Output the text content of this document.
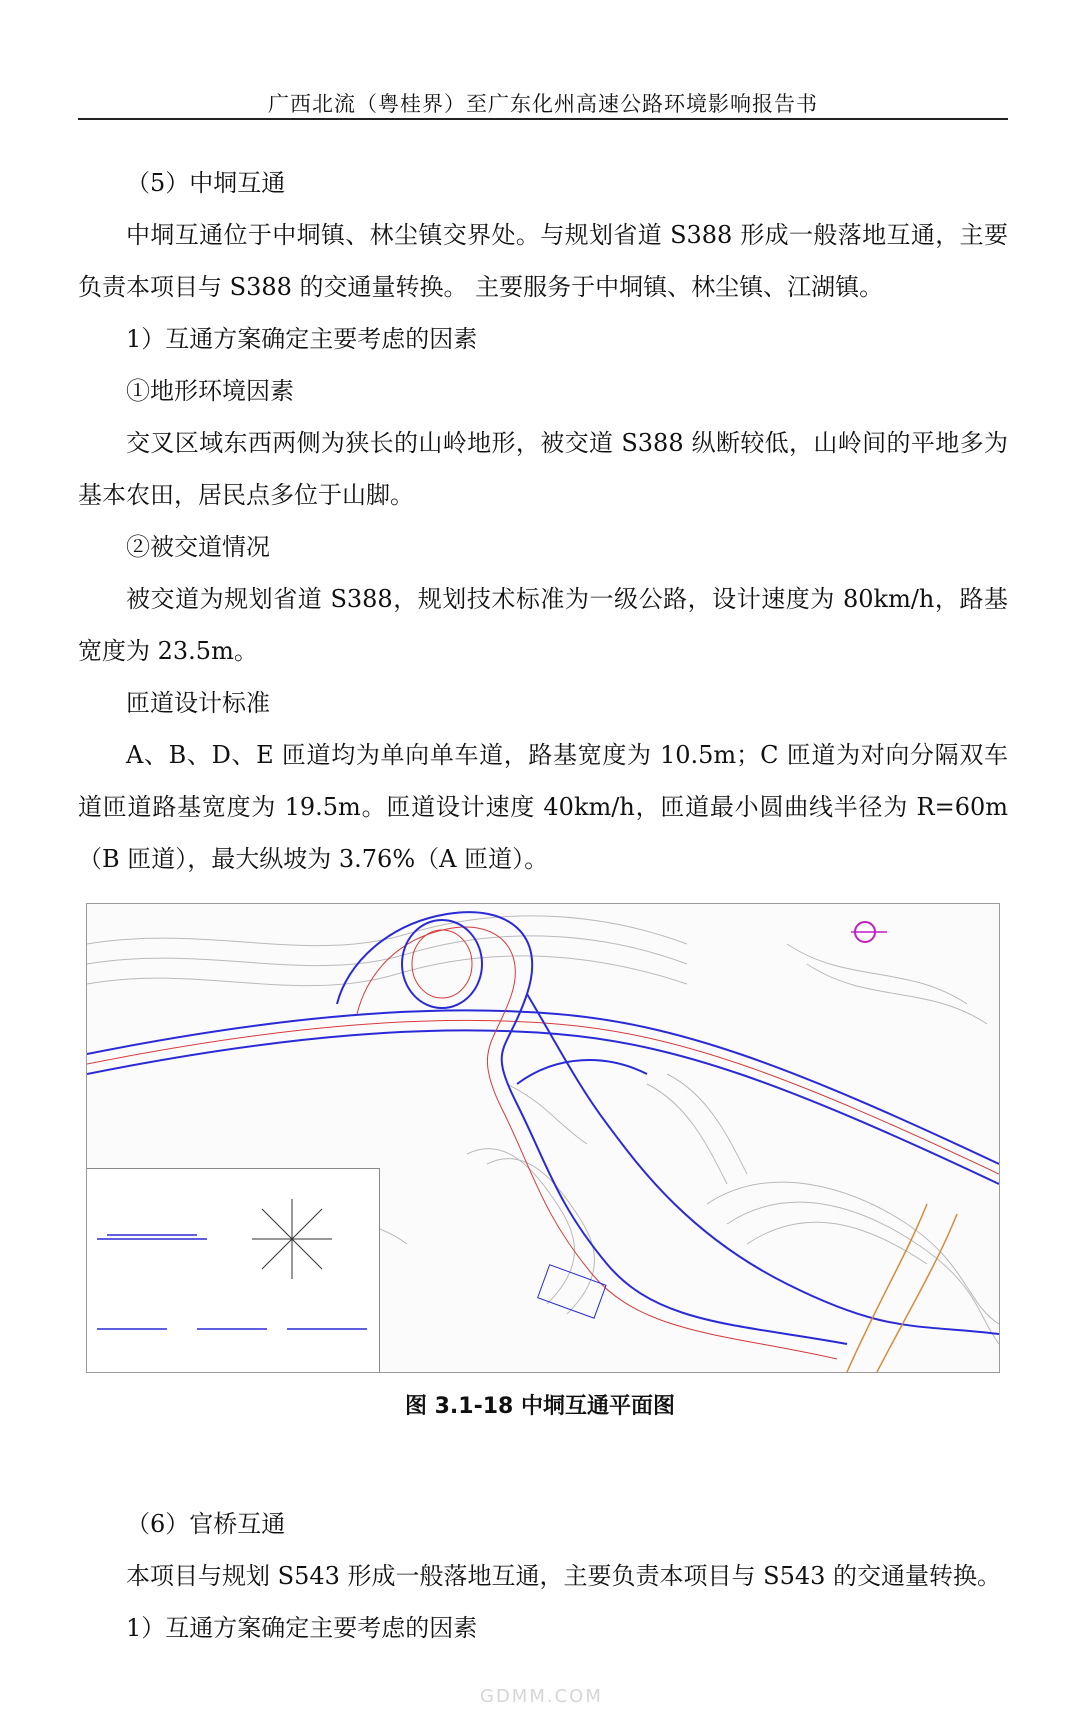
广西北流（粤桂界）至广东化州高速公路环境影响报告书

（5）中垌互通

中垌互通位于中垌镇、林尘镇交界处。与规划省道 S388 形成一般落地互通，主要负责本项目与 S388 的交通量转换。 主要服务于中垌镇、林尘镇、江湖镇。

1）互通方案确定主要考虑的因素

①地形环境因素

交叉区域东西两侧为狭长的山岭地形，被交道 S388 纵断较低，山岭间的平地多为基本农田，居民点多位于山脚。

②被交道情况

被交道为规划省道 S388，规划技术标准为一级公路，设计速度为 80km/h，路基宽度为 23.5m。

匝道设计标准

A、B、D、E 匝道均为单向单车道，路基宽度为 10.5m；C 匝道为对向分隔双车道匝道路基宽度为 19.5m。匝道设计速度 40km/h，匝道最小圆曲线半径为 R=60m（B 匝道），最大纵坡为 3.76%（A 匝道）。

图 3.1-18 中垌互通平面图

（6）官桥互通

本项目与规划 S543 形成一般落地互通，主要负责本项目与 S543 的交通量转换。

1）互通方案确定主要考虑的因素

GDMM.COM
